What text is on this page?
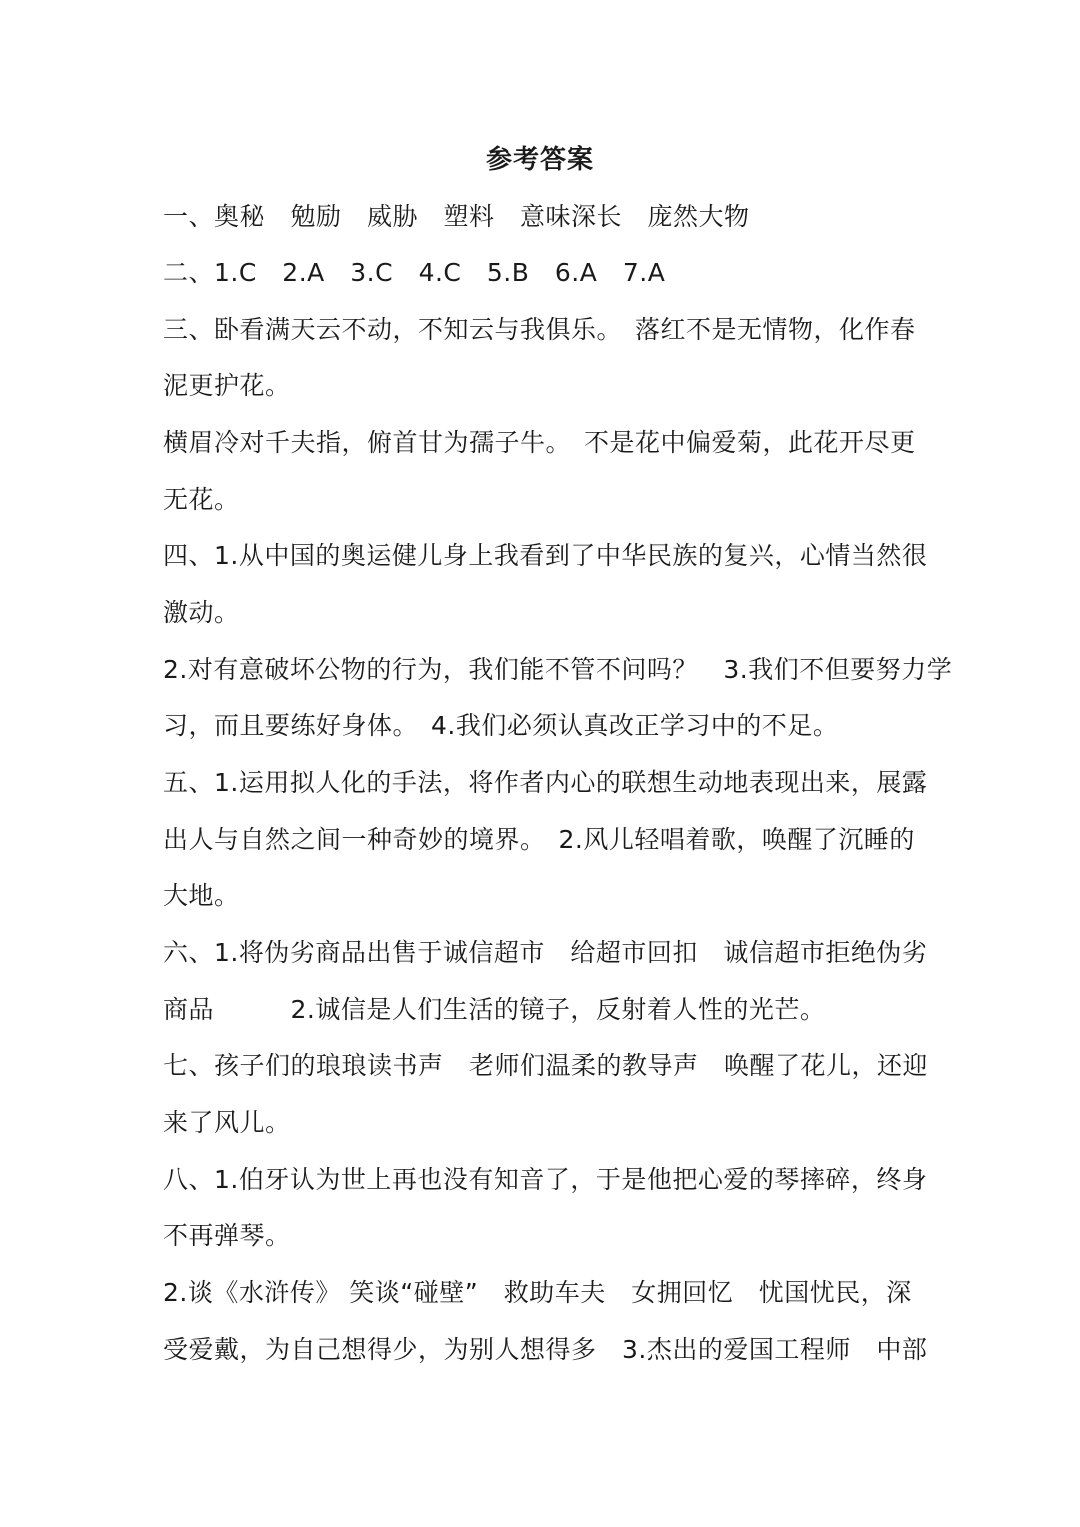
参考答案
一、奥秘　勉励　威胁　塑料　意味深长　庞然大物
二、1.C　2.A　3.C　4.C　5.B　6.A　7.A
三、卧看满天云不动，不知云与我俱乐。　落红不是无情物，化作春
泥更护花。
横眉冷对千夫指，俯首甘为孺子牛。　不是花中偏爱菊，此花开尽更
无花。
四、1.从中国的奥运健儿身上我看到了中华民族的复兴，心情当然很
激动。
2.对有意破坏公物的行为，我们能不管不问吗？　3.我们不但要努力学
习，而且要练好身体。　4.我们必须认真改正学习中的不足。
五、1.运用拟人化的手法，将作者内心的联想生动地表现出来，展露
出人与自然之间一种奇妙的境界。　2.风儿轻唱着歌，唤醒了沉睡的
大地。
六、1.将伪劣商品出售于诚信超市　给超市回扣　诚信超市拒绝伪劣
商品　　　2.诚信是人们生活的镜子，反射着人性的光芒。
七、孩子们的琅琅读书声　老师们温柔的教导声　唤醒了花儿，还迎
来了风儿。
八、1.伯牙认为世上再也没有知音了，于是他把心爱的琴摔碎，终身
不再弹琴。
2.谈《水浒传》 笑谈“碰壁”　救助车夫　女拥回忆　忧国忧民，深
受爱戴，为自己想得少，为别人想得多　3.杰出的爱国工程师　中部
